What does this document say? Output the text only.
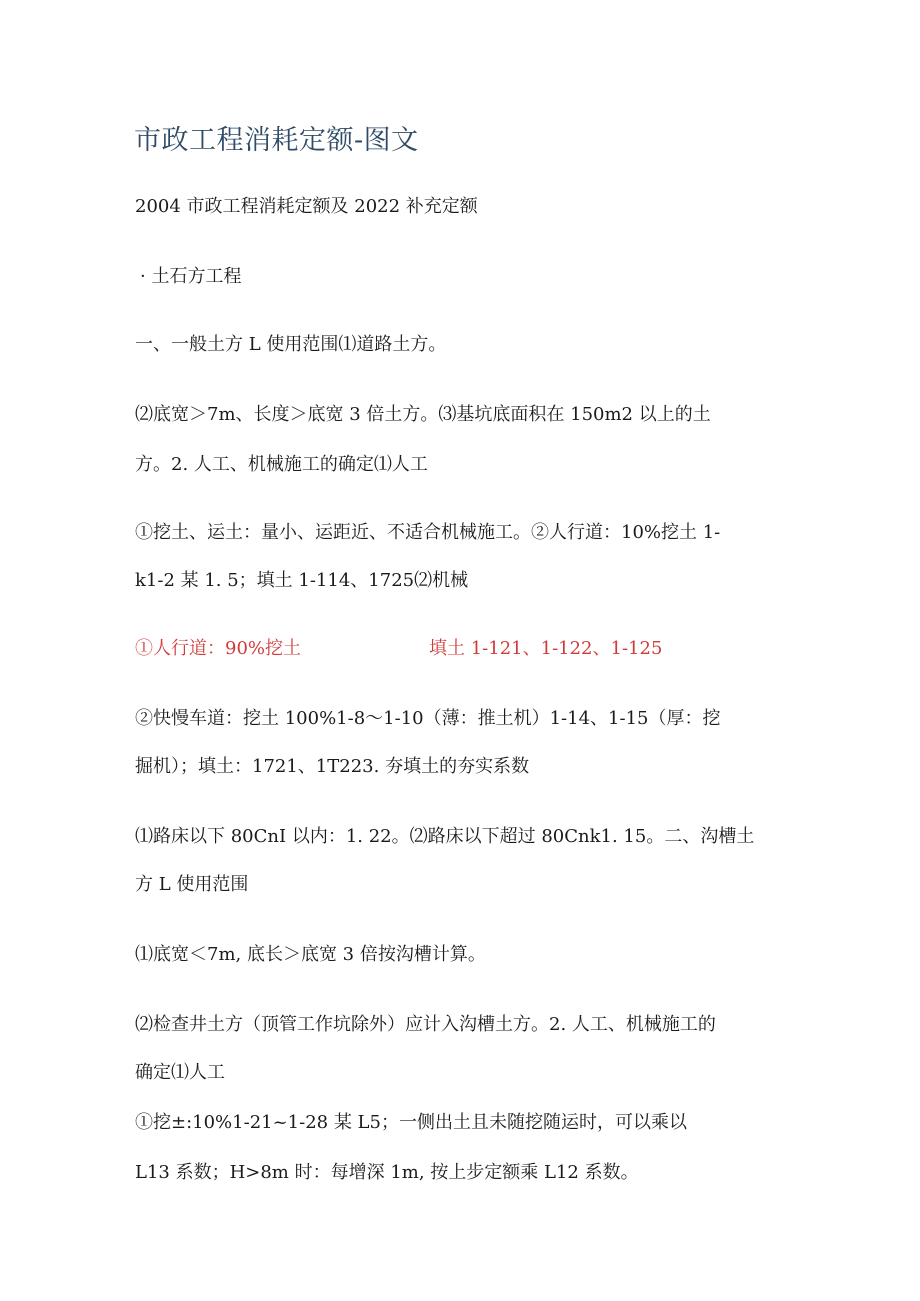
市政工程消耗定额-图文
2004 市政工程消耗定额及 2022 补充定额
· 土石方工程
一、一般土方 L 使用范围⑴道路土方。
⑵底宽＞7m、长度＞底宽 3 倍土方。⑶基坑底面积在 150m2 以上的土
方。2. 人工、机械施工的确定⑴人工
①挖土、运土：量小、运距近、不适合机械施工。②人行道：10%挖土 1-
k1-2 某 1. 5；填土 1-114、1725⑵机械
①人行道：90%挖土	填土 1-121、1-122、1-125
②快慢车道：挖土 100%1-8～1-10（薄：推土机）1-14、1-15（厚：挖
掘机）；填土：1721、1T223. 夯填土的夯实系数
⑴路床以下 80CnI 以内：1. 22。⑵路床以下超过 80Cnk1. 15。二、沟槽土
方 L 使用范围
⑴底宽＜7m, 底长＞底宽 3 倍按沟槽计算。
⑵检查井土方（顶管工作坑除外）应计入沟槽土方。2. 人工、机械施工的
确定⑴人工
①挖±:10%1-21~1-28 某 L5；一侧出土且未随挖随运时，可以乘以
L13 系数；H>8m 时：每增深 1m, 按上步定额乘 L12 系数。
